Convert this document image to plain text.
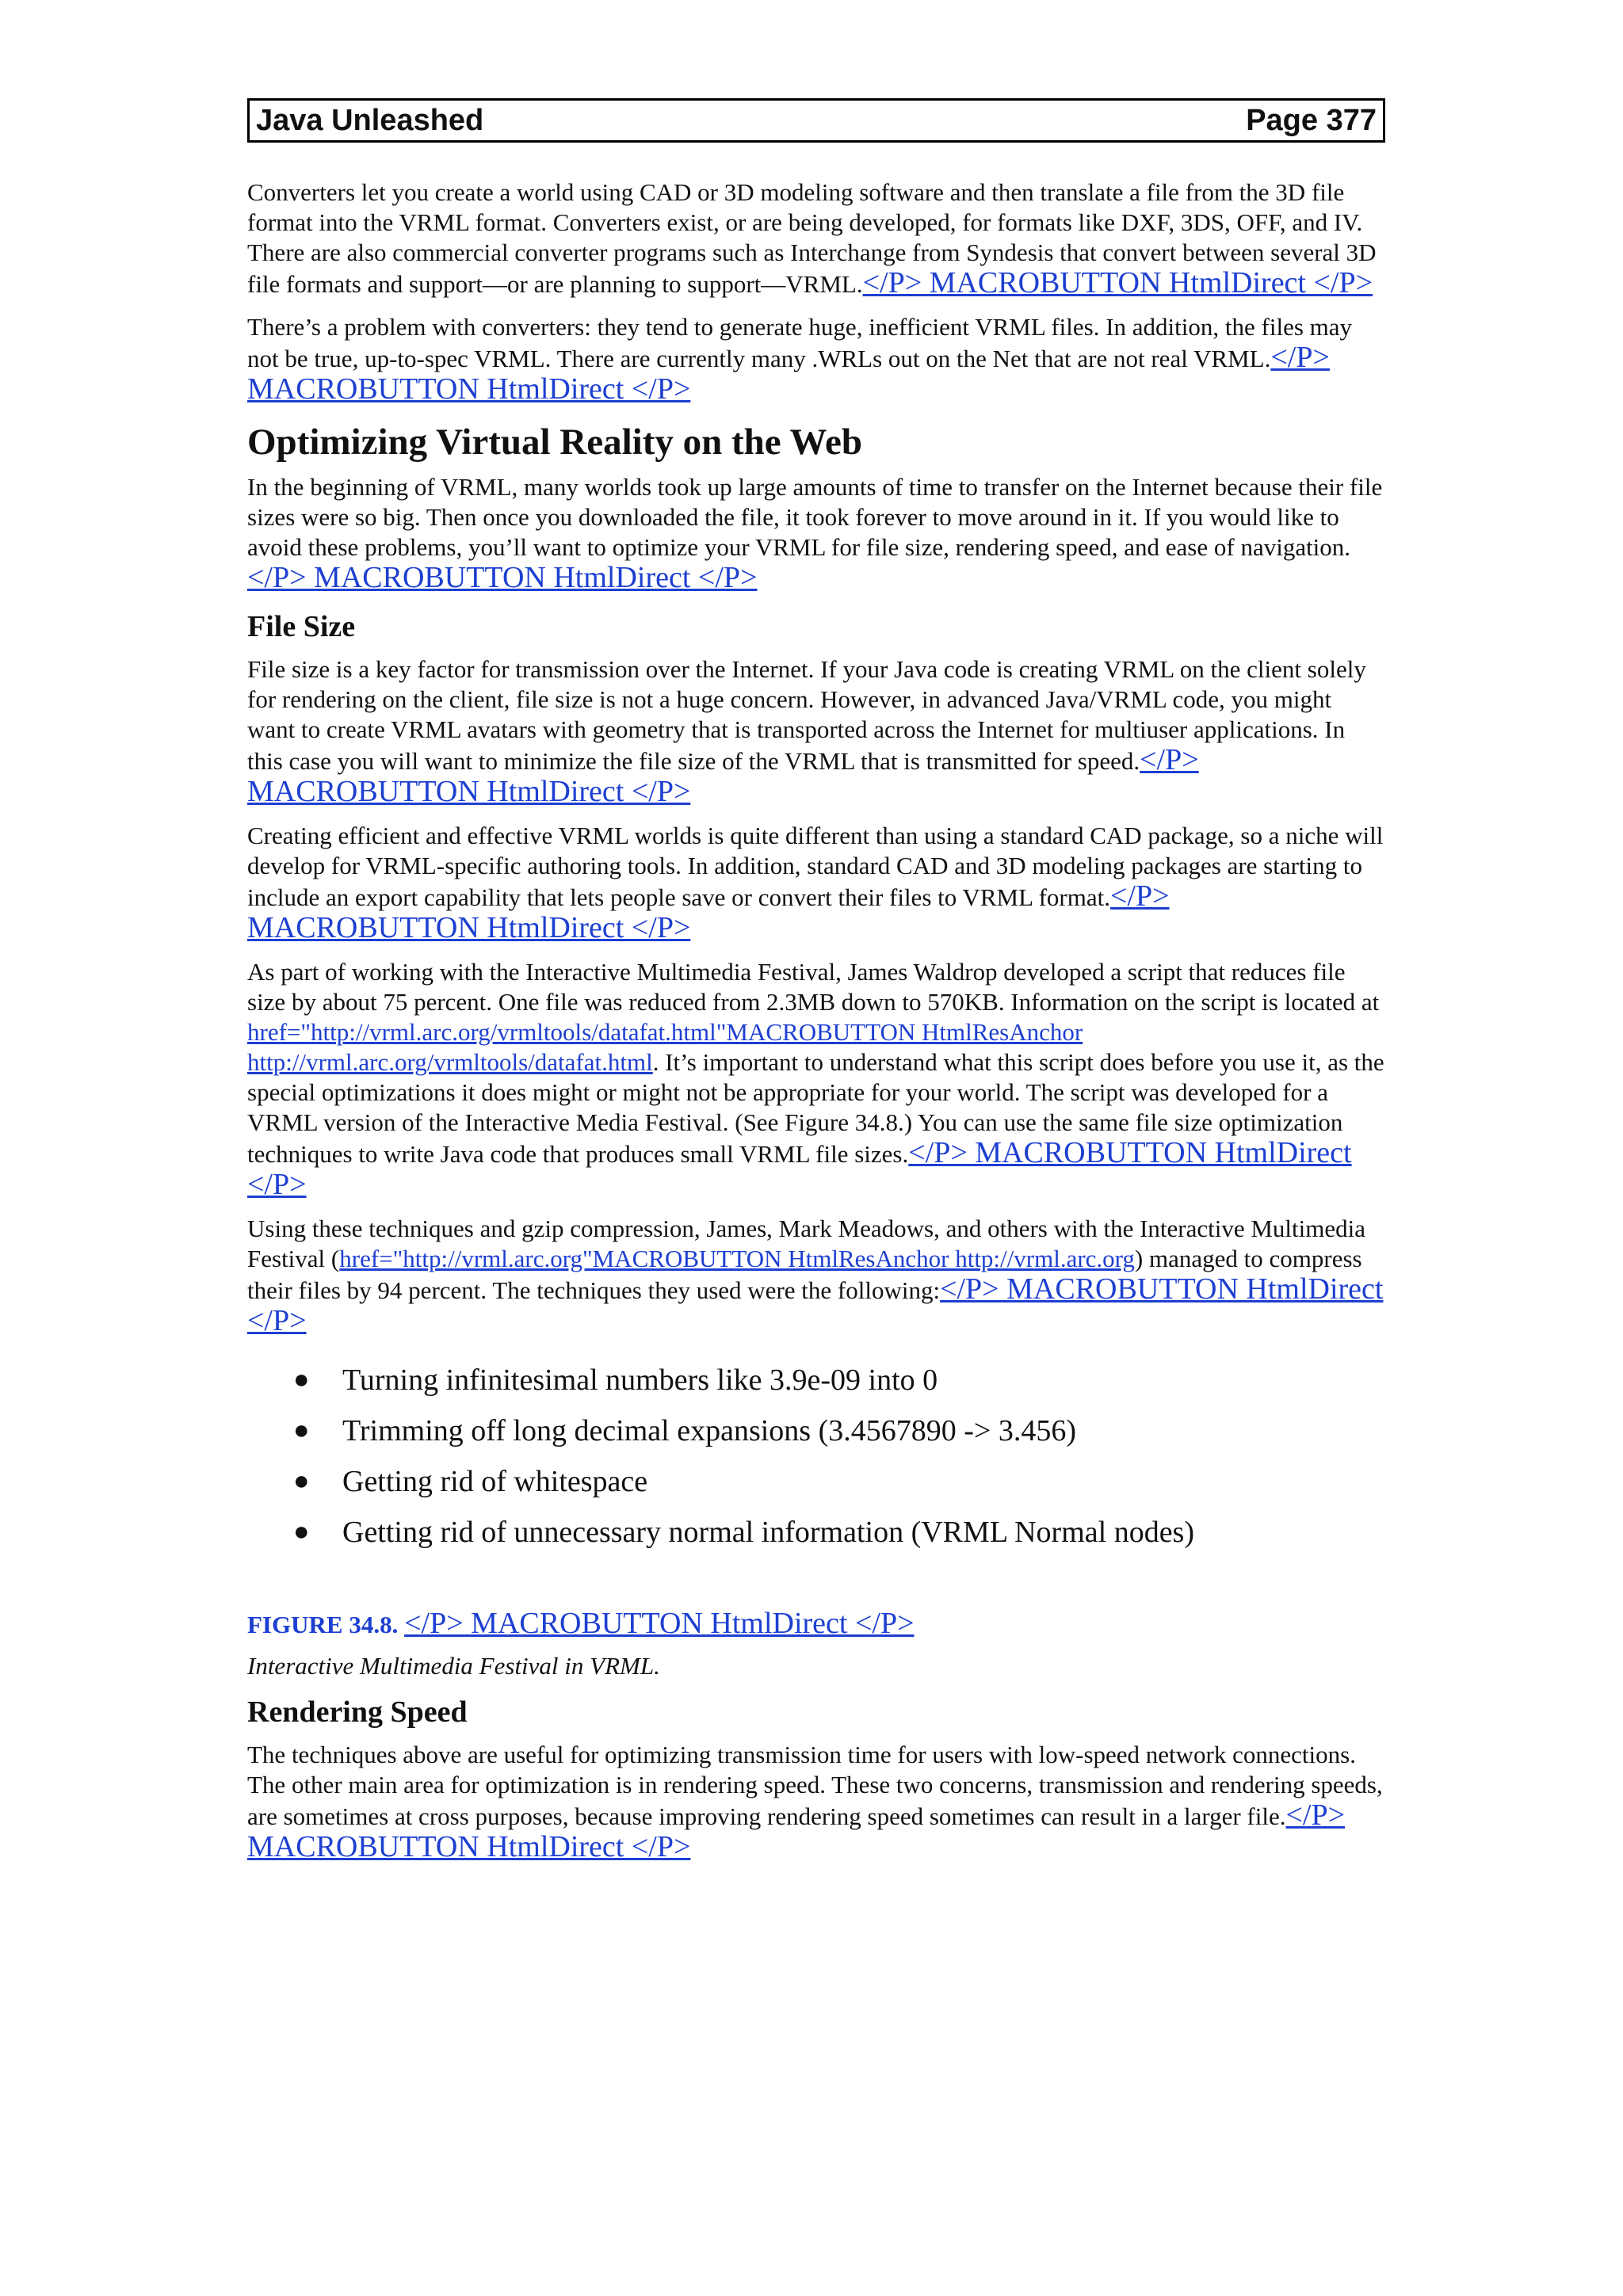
Java Unleashed	Page 377

Converters let you create a world using CAD or 3D modeling software and then translate a file from the 3D file format into the VRML format. Converters exist, or are being developed, for formats like DXF, 3DS, OFF, and IV. There are also commercial converter programs such as Interchange from Syndesis that convert between several 3D file formats and support—or are planning to support—VRML.</P> MACROBUTTON HtmlDirect </P>

There’s a problem with converters: they tend to generate huge, inefficient VRML files. In addition, the files may not be true, up-to-spec VRML. There are currently many .WRLs out on the Net that are not real VRML.</P> MACROBUTTON HtmlDirect </P>

Optimizing Virtual Reality on the Web

In the beginning of VRML, many worlds took up large amounts of time to transfer on the Internet because their file sizes were so big. Then once you downloaded the file, it took forever to move around in it. If you would like to avoid these problems, you’ll want to optimize your VRML for file size, rendering speed, and ease of navigation.</P> MACROBUTTON HtmlDirect </P>

File Size

File size is a key factor for transmission over the Internet. If your Java code is creating VRML on the client solely for rendering on the client, file size is not a huge concern. However, in advanced Java/VRML code, you might want to create VRML avatars with geometry that is transported across the Internet for multiuser applications. In this case you will want to minimize the file size of the VRML that is transmitted for speed.</P> MACROBUTTON HtmlDirect </P>

Creating efficient and effective VRML worlds is quite different than using a standard CAD package, so a niche will develop for VRML-specific authoring tools. In addition, standard CAD and 3D modeling packages are starting to include an export capability that lets people save or convert their files to VRML format.</P> MACROBUTTON HtmlDirect </P>

As part of working with the Interactive Multimedia Festival, James Waldrop developed a script that reduces file size by about 75 percent. One file was reduced from 2.3MB down to 570KB. Information on the script is located at href="http://vrml.arc.org/vrmltools/datafat.html"MACROBUTTON HtmlResAnchor http://vrml.arc.org/vrmltools/datafat.html. It’s important to understand what this script does before you use it, as the special optimizations it does might or might not be appropriate for your world. The script was developed for a VRML version of the Interactive Media Festival. (See Figure 34.8.) You can use the same file size optimization techniques to write Java code that produces small VRML file sizes.</P> MACROBUTTON HtmlDirect </P>

Using these techniques and gzip compression, James, Mark Meadows, and others with the Interactive Multimedia Festival (href="http://vrml.arc.org"MACROBUTTON HtmlResAnchor http://vrml.arc.org) managed to compress their files by 94 percent. The techniques they used were the following:</P> MACROBUTTON HtmlDirect </P>

● Turning infinitesimal numbers like 3.9e-09 into 0
● Trimming off long decimal expansions (3.4567890 -> 3.456)
● Getting rid of whitespace
● Getting rid of unnecessary normal information (VRML Normal nodes)

FIGURE 34.8. </P> MACROBUTTON HtmlDirect </P>

Interactive Multimedia Festival in VRML.

Rendering Speed

The techniques above are useful for optimizing transmission time for users with low-speed network connections. The other main area for optimization is in rendering speed. These two concerns, transmission and rendering speeds, are sometimes at cross purposes, because improving rendering speed sometimes can result in a larger file.</P> MACROBUTTON HtmlDirect </P>
